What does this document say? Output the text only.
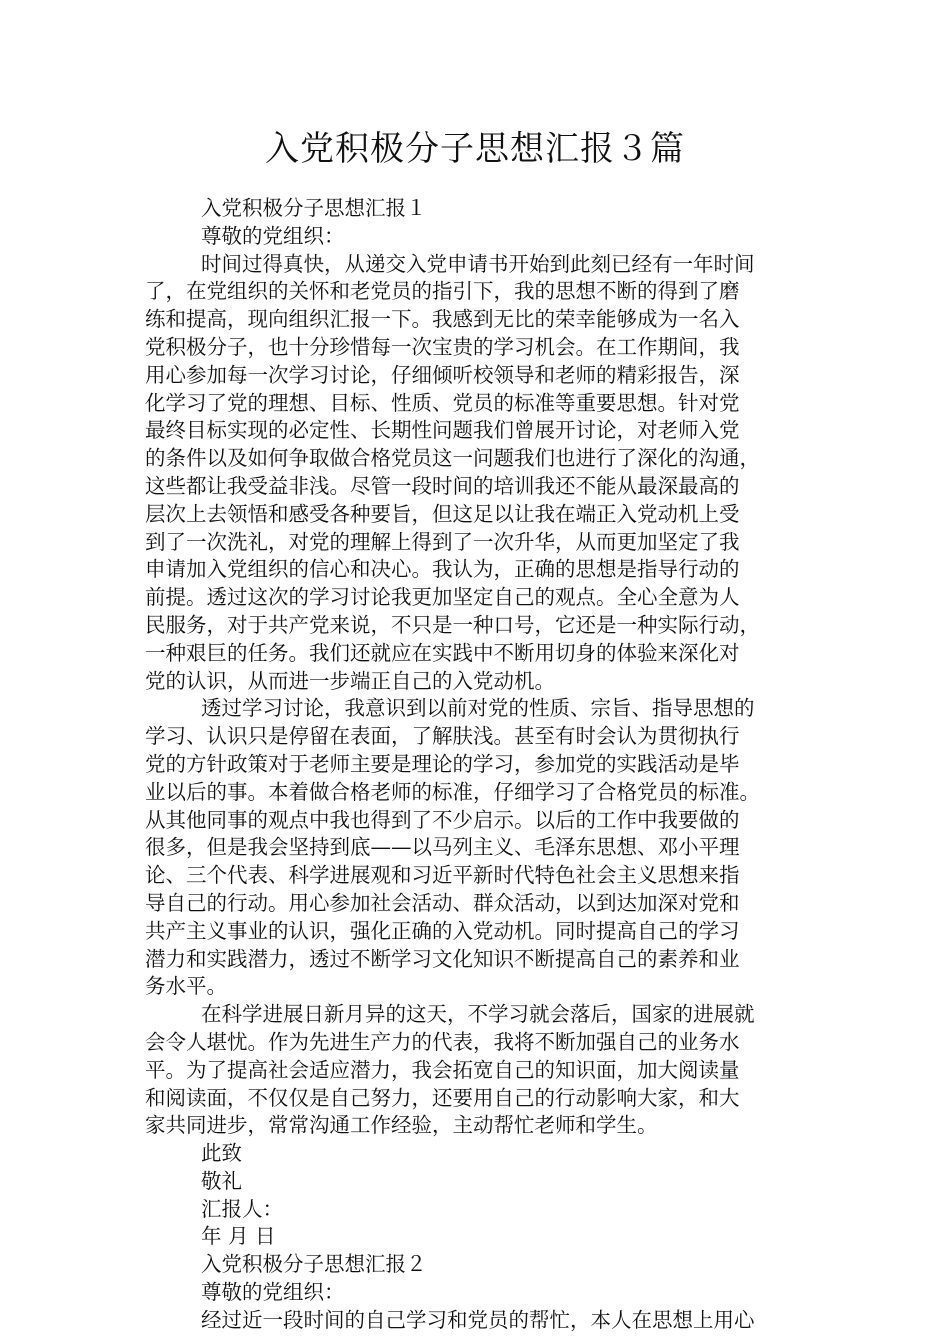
入党积极分子思想汇报３篇

入党积极分子思想汇报１

尊敬的党组织：

时间过得真快，从递交入党申请书开始到此刻已经有一年时间

了，在党组织的关怀和老党员的指引下，我的思想不断的得到了磨

练和提高，现向组织汇报一下。我感到无比的荣幸能够成为一名入

党积极分子，也十分珍惜每一次宝贵的学习机会。在工作期间，我

用心参加每一次学习讨论，仔细倾听校领导和老师的精彩报告，深

化学习了党的理想、目标、性质、党员的标准等重要思想。针对党

最终目标实现的必定性、长期性问题我们曾展开讨论，对老师入党

的条件以及如何争取做合格党员这一问题我们也进行了深化的沟通，

这些都让我受益非浅。尽管一段时间的培训我还不能从最深最高的

层次上去领悟和感受各种要旨，但这足以让我在端正入党动机上受

到了一次洗礼，对党的理解上得到了一次升华，从而更加坚定了我

申请加入党组织的信心和决心。我认为，正确的思想是指导行动的

前提。透过这次的学习讨论我更加坚定自己的观点。全心全意为人

民服务，对于共产党来说，不只是一种口号，它还是一种实际行动，

一种艰巨的任务。我们还就应在实践中不断用切身的体验来深化对

党的认识，从而进一步端正自己的入党动机。

透过学习讨论，我意识到以前对党的性质、宗旨、指导思想的

学习、认识只是停留在表面，了解肤浅。甚至有时会认为贯彻执行

党的方针政策对于老师主要是理论的学习，参加党的实践活动是毕

业以后的事。本着做合格老师的标准，仔细学习了合格党员的标准。

从其他同事的观点中我也得到了不少启示。以后的工作中我要做的

很多，但是我会坚持到底——以马列主义、毛泽东思想、邓小平理

论、三个代表、科学进展观和习近平新时代特色社会主义思想来指

导自己的行动。用心参加社会活动、群众活动，以到达加深对党和

共产主义事业的认识，强化正确的入党动机。同时提高自己的学习

潜力和实践潜力，透过不断学习文化知识不断提高自己的素养和业

务水平。

在科学进展日新月异的这天，不学习就会落后，国家的进展就

会令人堪忧。作为先进生产力的代表，我将不断加强自己的业务水

平。为了提高社会适应潜力，我会拓宽自己的知识面，加大阅读量

和阅读面，不仅仅是自己努力，还要用自己的行动影响大家，和大

家共同进步，常常沟通工作经验，主动帮忙老师和学生。

此致

敬礼

汇报人：

年 月 日

入党积极分子思想汇报２

尊敬的党组织：

经过近一段时间的自己学习和党员的帮忙，本人在思想上用心
